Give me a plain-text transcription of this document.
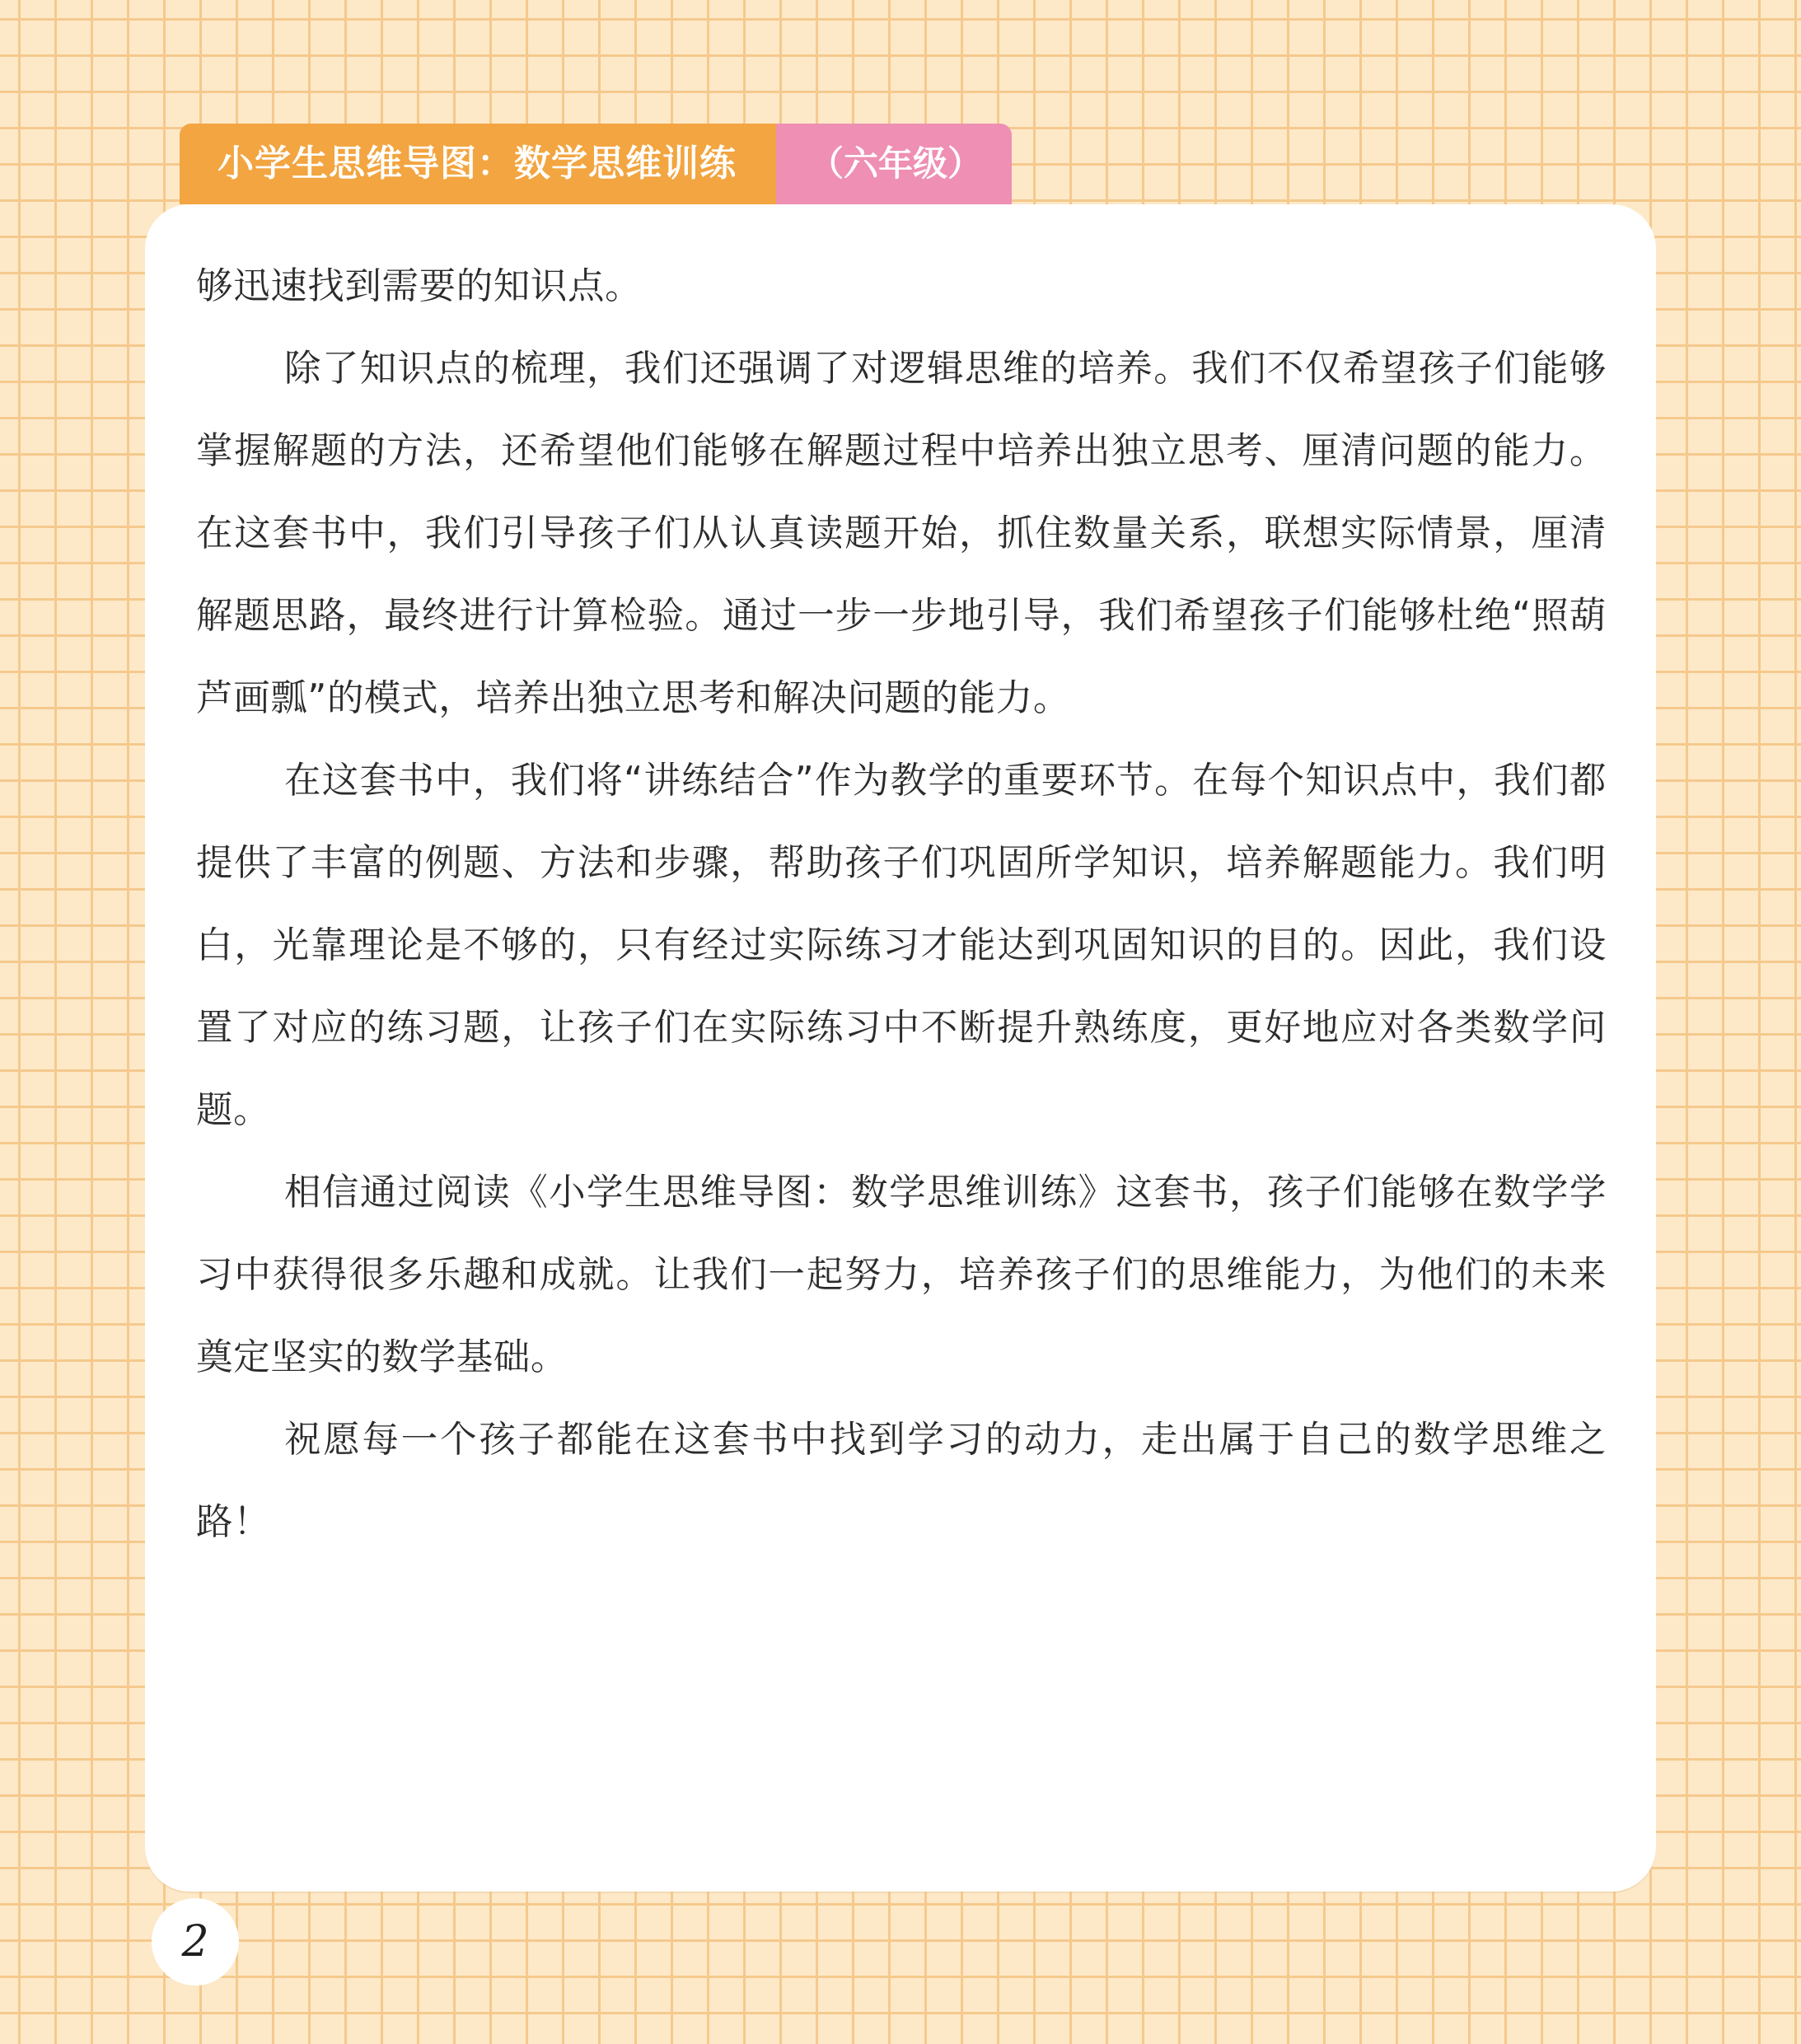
小学生思维导图：数学思维训练	（六年级）

够迅速找到需要的知识点。

除了知识点的梳理，我们还强调了对逻辑思维的培养。我们不仅希望孩子们能够掌握解题的方法，还希望他们能够在解题过程中培养出独立思考、厘清问题的能力。在这套书中，我们引导孩子们从认真读题开始，抓住数量关系，联想实际情景，厘清解题思路，最终进行计算检验。通过一步一步地引导，我们希望孩子们能够杜绝“照葫芦画瓢”的模式，培养出独立思考和解决问题的能力。

在这套书中，我们将“讲练结合”作为教学的重要环节。在每个知识点中，我们都提供了丰富的例题、方法和步骤，帮助孩子们巩固所学知识，培养解题能力。我们明白，光靠理论是不够的，只有经过实际练习才能达到巩固知识的目的。因此，我们设置了对应的练习题，让孩子们在实际练习中不断提升熟练度，更好地应对各类数学问题。

相信通过阅读《小学生思维导图：数学思维训练》这套书，孩子们能够在数学学习中获得很多乐趣和成就。让我们一起努力，培养孩子们的思维能力，为他们的未来奠定坚实的数学基础。

祝愿每一个孩子都能在这套书中找到学习的动力，走出属于自己的数学思维之路！

2
